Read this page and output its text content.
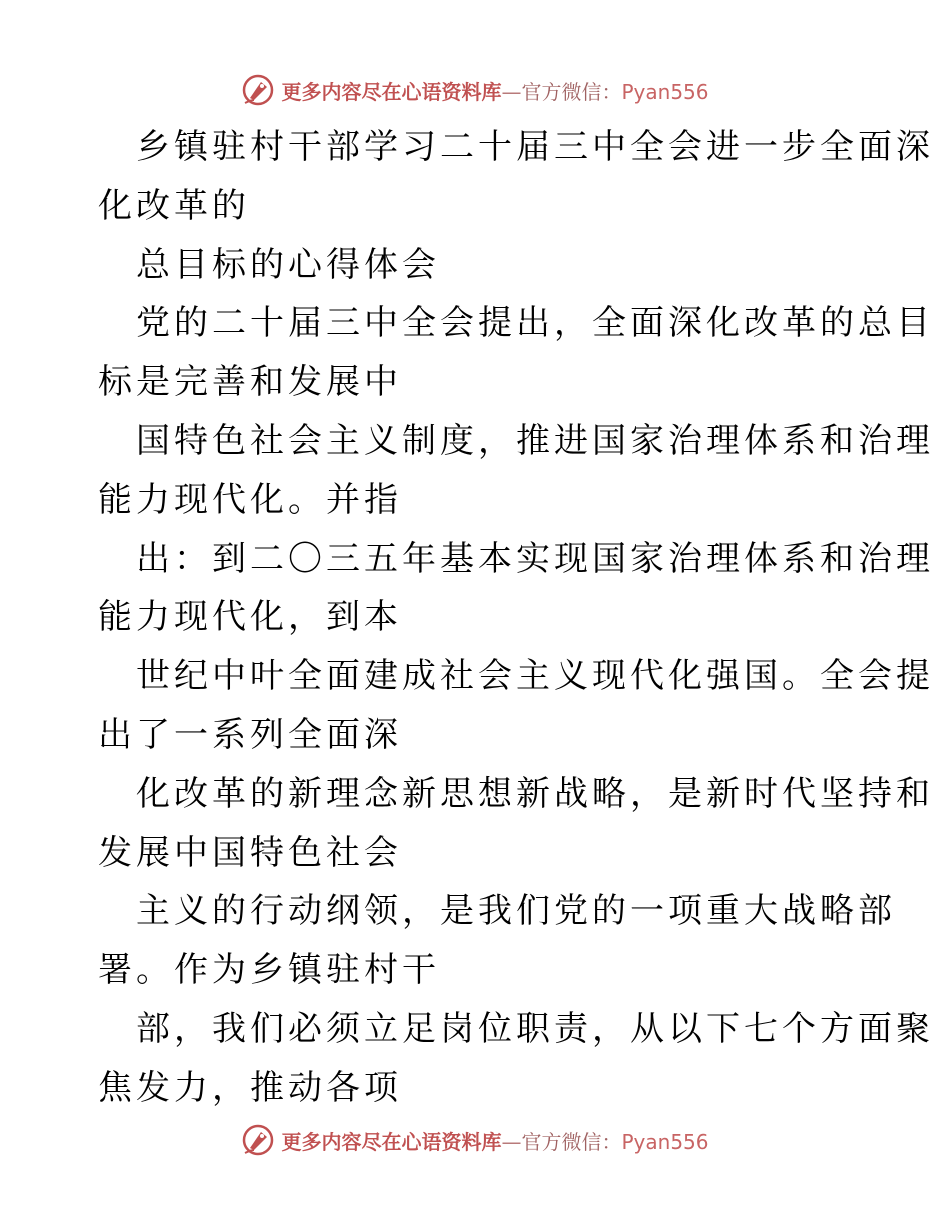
更多内容尽在心语资料库—官方微信：Pyan556

乡镇驻村干部学习二十届三中全会进一步全面深

化改革的

总目标的心得体会

党的二十届三中全会提出，全面深化改革的总目

标是完善和发展中

国特色社会主义制度，推进国家治理体系和治理

能力现代化。并指

出：到二〇三五年基本实现国家治理体系和治理

能力现代化，到本

世纪中叶全面建成社会主义现代化强国。全会提

出了一系列全面深

化改革的新理念新思想新战略，是新时代坚持和

发展中国特色社会

主义的行动纲领，是我们党的一项重大战略部

署。作为乡镇驻村干

部，我们必须立足岗位职责，从以下七个方面聚

焦发力，推动各项

更多内容尽在心语资料库—官方微信：Pyan556
